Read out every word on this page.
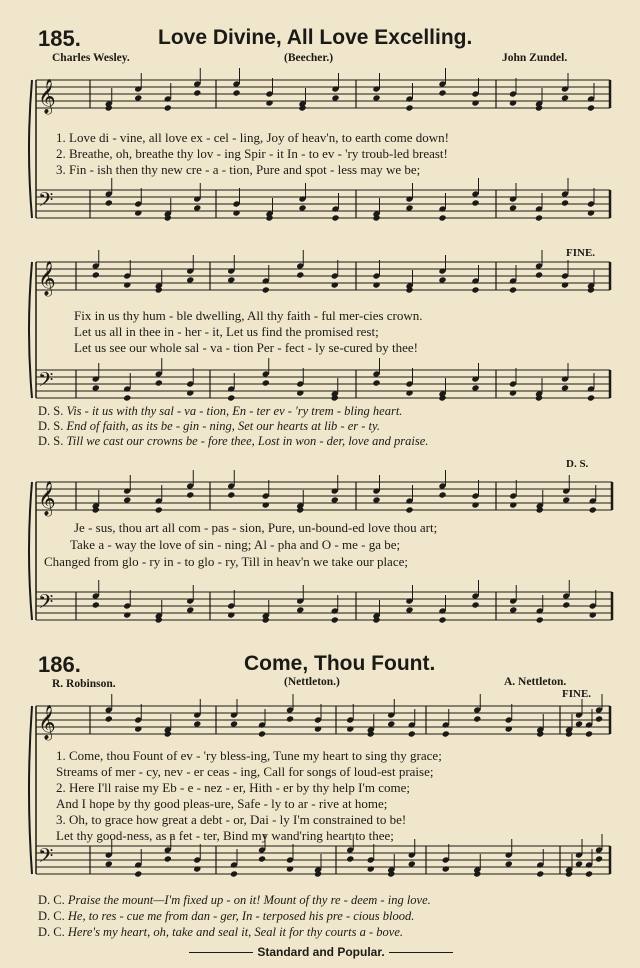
185.	Love Divine, All Love Excelling.
Charles Wesley.	(Beecher.)	John Zundel.
𝄞
𝄢
𝄞
𝄢
𝄞
𝄢
𝄞
𝄢
1. Love di - vine, all love ex - cel - ling, Joy of heav'n, to earth come down!
2. Breathe, oh, breathe thy lov - ing Spir - it In - to ev - 'ry troub-led breast!
3. Fin - ish then thy new cre - a - tion, Pure and spot - less may we be;
FINE.
Fix in us thy hum - ble dwelling, All thy faith - ful mer-cies crown.
Let us all in thee in - her - it, Let us find the promised rest;
Let us see our whole sal - va - tion Per - fect - ly se-cured by thee!
D. S. Vis - it us with thy sal - va - tion, En - ter ev - 'ry trem - bling heart.
D. S. End of faith, as its be - gin - ning, Set our hearts at lib - er - ty.
D. S. Till we cast our crowns be - fore thee, Lost in won - der, love and praise.
D. S.
Je - sus, thou art all com - pas - sion, Pure, un-bound-ed love thou art;
Take a - way the love of sin - ning; Al - pha and O - me - ga be;
Changed from glo - ry in - to glo - ry, Till in heav'n we take our place;
186.	Come, Thou Fount.
R. Robinson.	(Nettleton.)	A. Nettleton.
FINE.
1. Come, thou Fount of ev - 'ry bless-ing, Tune my heart to sing thy grace;
Streams of mer - cy, nev - er ceas - ing, Call for songs of loud-est praise;
2. Here I'll raise my Eb - e - nez - er, Hith - er by thy help I'm come;
And I hope by thy good pleas-ure, Safe - ly to ar - rive at home;
3. Oh, to grace how great a debt - or, Dai - ly I'm constrained to be!
Let thy good-ness, as a fet - ter, Bind my wand'ring heart to thee;
D. C. Praise the mount—I'm fixed up - on it! Mount of thy re - deem - ing love.
D. C. He, to res - cue me from dan - ger, In - terposed his pre - cious blood.
D. C. Here's my heart, oh, take and seal it, Seal it for thy courts a - bove.
Standard and Popular.
